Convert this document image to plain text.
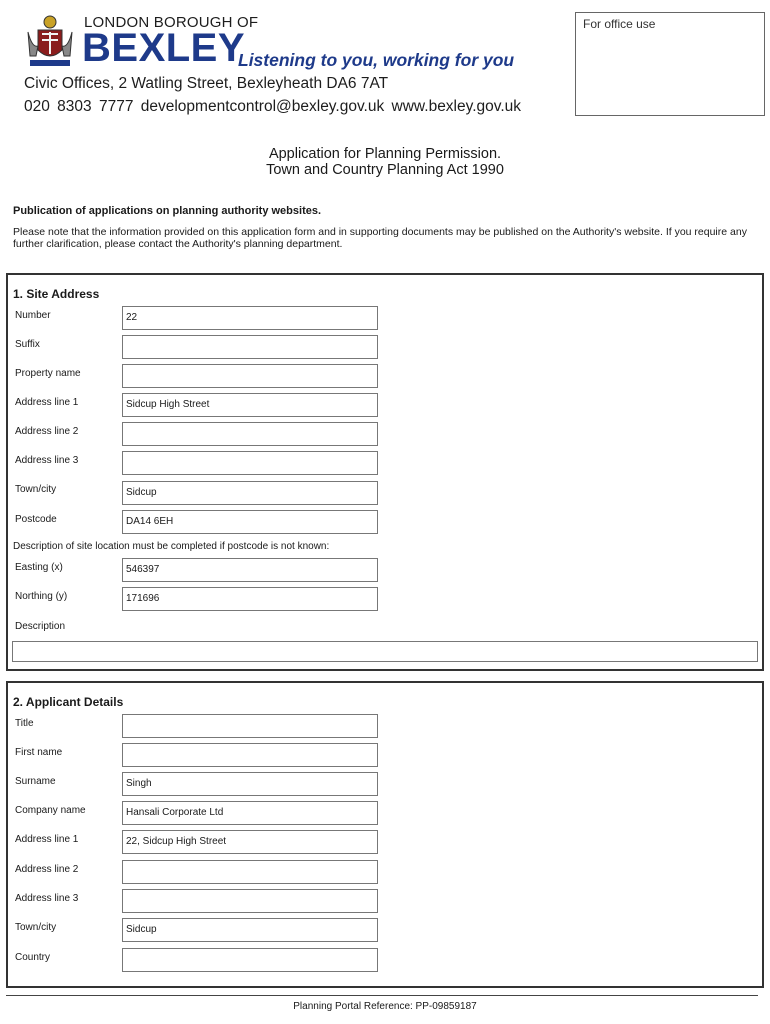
LONDON BOROUGH OF
BEXLEY
Listening to you, working for you
Civic Offices, 2 Watling Street, Bexleyheath DA6 7AT
020 8303 7777 developmentcontrol@bexley.gov.uk www.bexley.gov.uk
For office use
Application for Planning Permission.
Town and Country Planning Act 1990
Publication of applications on planning authority websites.
Please note that the information provided on this application form and in supporting documents may be published on the Authority's website. If you require any further clarification, please contact the Authority's planning department.
1. Site Address
Number	22
Suffix
Property name
Address line 1	Sidcup High Street
Address line 2
Address line 3
Town/city	Sidcup
Postcode	DA14 6EH
Description of site location must be completed if postcode is not known:
Easting (x)	546397
Northing (y)	171696
Description
2. Applicant Details
Title
First name
Surname	Singh
Company name	Hansali Corporate Ltd
Address line 1	22, Sidcup High Street
Address line 2
Address line 3
Town/city	Sidcup
Country
Planning Portal Reference: PP-09859187
